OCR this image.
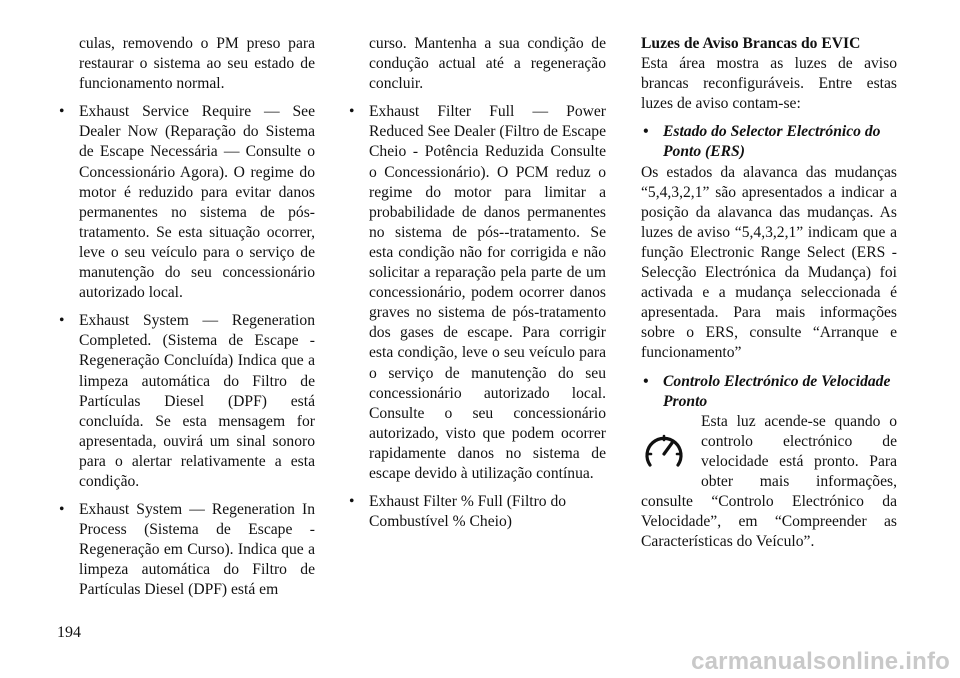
culas, removendo o PM preso para restaurar o sistema ao seu estado de funcionamento normal.

• Exhaust Service Require — See Dealer Now (Reparação do Sistema de Escape Necessária — Consulte o Concessionário Agora). O regime do motor é reduzido para evitar danos permanentes no sistema de pós-tratamento. Se esta situação ocorrer, leve o seu veículo para o serviço de manutenção do seu concessionário autorizado local.

• Exhaust System — Regeneration Completed. (Sistema de Escape - Regeneração Concluída) Indica que a limpeza automática do Filtro de Partículas Diesel (DPF) está concluída. Se esta mensagem for apresentada, ouvirá um sinal sonoro para o alertar relativamente a esta condição.

• Exhaust System — Regeneration In Process (Sistema de Escape - Regeneração em Curso). Indica que a limpeza automática do Filtro de Partículas Diesel (DPF) está em

curso. Mantenha a sua condição de condução actual até a regeneração concluir.

• Exhaust Filter Full — Power Reduced See Dealer (Filtro de Escape Cheio - Potência Reduzida Consulte o Concessionário). O PCM reduz o regime do motor para limitar a probabilidade de danos permanentes no sistema de pós--tratamento. Se esta condição não for corrigida e não solicitar a reparação pela parte de um concessionário, podem ocorrer danos graves no sistema de pós-tratamento dos gases de escape. Para corrigir esta condição, leve o seu veículo para o serviço de manutenção do seu concessionário autorizado local. Consulte o seu concessionário autorizado, visto que podem ocorrer rapidamente danos no sistema de escape devido à utilização contínua.

• Exhaust Filter % Full (Filtro do Combustível % Cheio)

Luzes de Aviso Brancas do EVIC

Esta área mostra as luzes de aviso brancas reconfiguráveis. Entre estas luzes de aviso contam-se:

• Estado do Selector Electrónico do Ponto (ERS)

Os estados da alavanca das mudanças “5,4,3,2,1” são apresentados a indicar a posição da alavanca das mudanças. As luzes de aviso “5,4,3,2,1” indicam que a função Electronic Range Select (ERS - Selecção Electrónica da Mudança) foi activada e a mudança seleccionada é apresentada. Para mais informações sobre o ERS, consulte “Arranque e funcionamento”

• Controlo Electrónico de Velocidade Pronto

Esta luz acende-se quando o controlo electrónico de velocidade está pronto. Para obter mais informações, consulte “Controlo Electrónico da Velocidade”, em “Compreender as Características do Veículo”.

194
carmanualsonline.info
